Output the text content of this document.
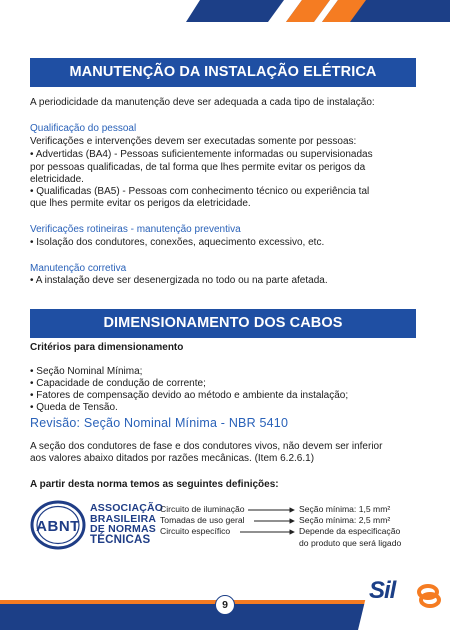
MANUTENÇÃO DA INSTALAÇÃO ELÉTRICA
A periodicidade da manutenção deve ser adequada a cada tipo de instalação:
Qualificação do pessoal
Verificações e intervenções devem ser executadas somente por pessoas:
• Advertidas (BA4) - Pessoas suficientemente informadas ou supervisionadas
por pessoas qualificadas, de tal forma que lhes permite evitar os perigos da
eletricidade.
• Qualificadas (BA5) - Pessoas com conhecimento técnico ou experiência tal
que lhes permite evitar os perigos da eletricidade.
Verificações rotineiras - manutenção preventiva
• Isolação dos condutores, conexões, aquecimento excessivo, etc.
Manutenção corretiva
• A instalação deve ser desenergizada no todo ou na parte afetada.
DIMENSIONAMENTO DOS CABOS
Critérios para dimensionamento
• Seção Nominal Mínima;
• Capacidade de condução de corrente;
• Fatores de compensação devido ao método e ambiente da instalação;
• Queda de Tensão.
Revisão: Seção Nominal Mínima - NBR 5410
A seção dos condutores de fase e dos condutores vivos, não devem ser inferior
aos valores abaixo ditados por razões mecânicas. (Item 6.2.6.1)
A partir desta norma temos as seguintes definições:
ABNT
ASSOCIAÇÃO
BRASILEIRA
DE NORMAS
TÉCNICAS
Circuito de iluminação
Tomadas de uso geral
Circuito específico
Seção mínima: 1,5 mm²
Seção mínima: 2,5 mm²
Depende da especificação
do produto que será ligado
9
Sil
